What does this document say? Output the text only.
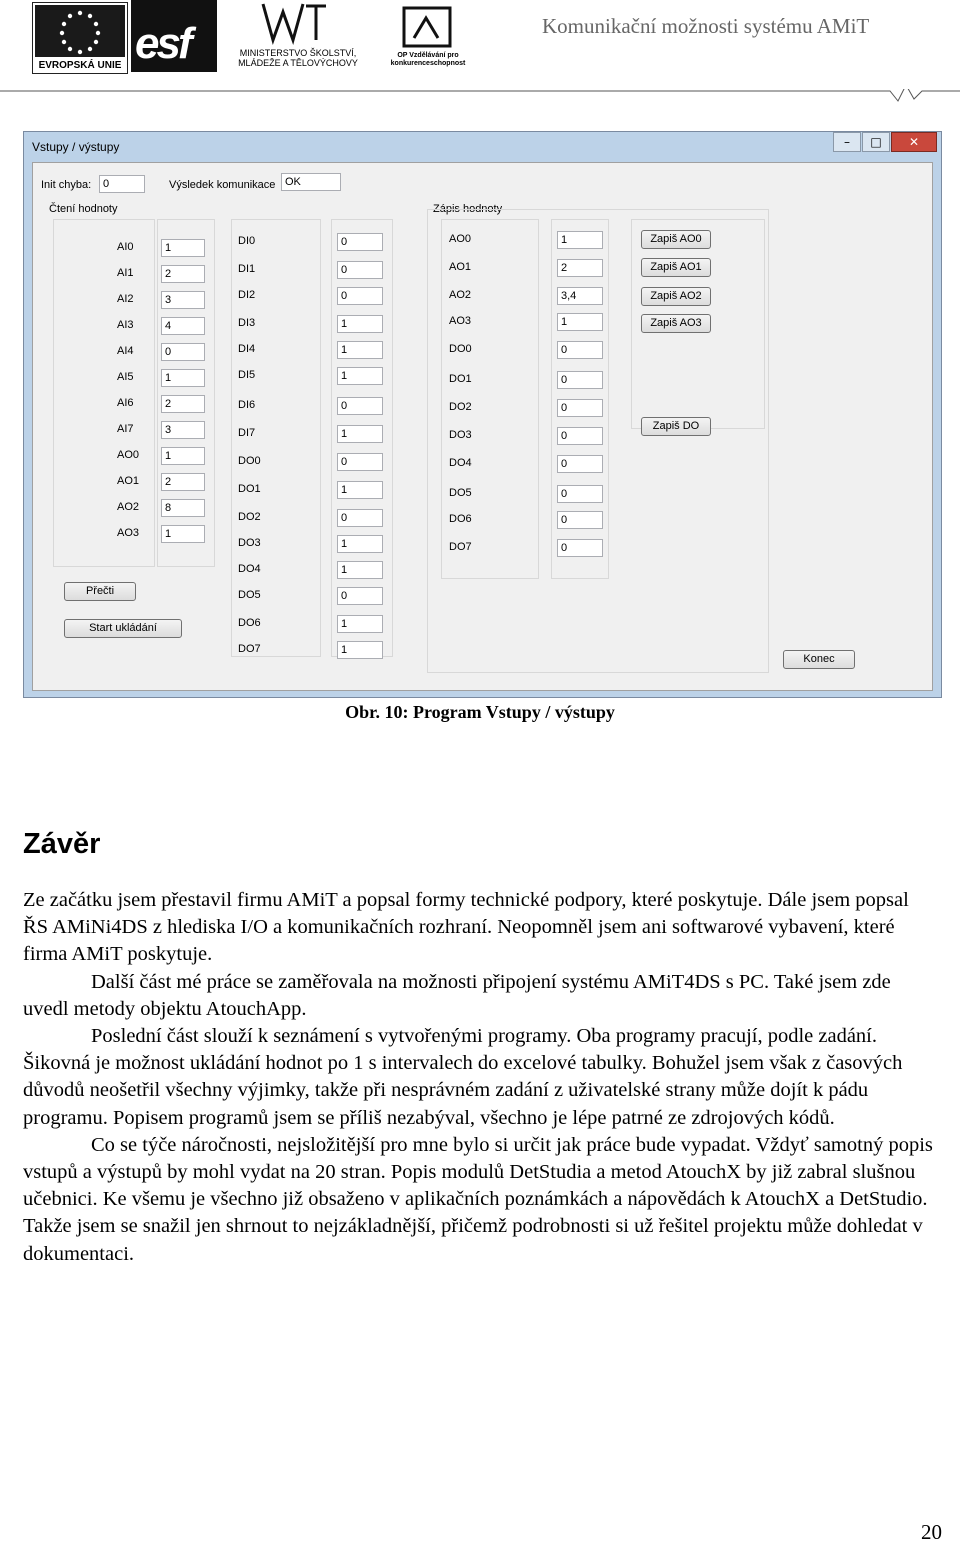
EVROPSKÁ UNIE esf	MINISTERSTVO ŠKOLSTVÍ, MLÁDEŽE A TĚLOVÝCHOVY
OP Vzdělávání pro konkurenceschopnost
Komunikační možnosti systému AMiT
Vstupy / výstupy	–	□	✕
Init chyba:	0	Výsledek komunikace OK
Čtení hodnoty	Zápis hodnoty
AI0	1
AI1	2
AI2	3
AI3	4
AI4	0
AI5	1
AI6	2
AI7	3
AO0	1
AO1	2
AO2	8
AO3	1
DI0	0
DI1	0
DI2	0
DI3	1
DI4	1
DI5	1
DI6	0
DI7	1
DO0	0
DO1	1
DO2	0
DO3	1
DO4	1
DO5	0
DO6	1
DO7	1
AO0	1
AO1	2
AO2	3,4
AO3	1
DO0	0
DO1	0
DO2	0
DO3	0
DO4	0
DO5	0
DO6	0
DO7	0
Zapiš AO0
Zapiš AO1
Zapiš AO2
Zapiš AO3
Zapiš DO
Přečti
Start ukládání
Konec
Obr. 10: Program Vstupy / výstupy
Závěr

Ze začátku jsem přestavil firmu AMiT a popsal formy technické podpory, které poskytuje. Dále jsem popsal ŘS AMiNi4DS z hlediska I/O a komunikačních rozhraní. Neopomněl jsem ani softwarové vybavení, které firma AMiT poskytuje.

Další část mé práce se zaměřovala na možnosti připojení systému AMiT4DS s PC. Také jsem zde uvedl metody objektu AtouchApp.

Poslední část slouží k seznámení s vytvořenými programy. Oba programy pracují, podle zadání. Šikovná je možnost ukládání hodnot po 1 s intervalech do excelové tabulky. Bohužel jsem však z časových důvodů neošetřil všechny výjimky, takže při nesprávném zadání z uživatelské strany může dojít k pádu programu. Popisem programů jsem se příliš nezabýval, všechno je lépe patrné ze zdrojových kódů.

Co se týče náročnosti, nejsložitější pro mne bylo si určit jak práce bude vypadat. Vždyť samotný popis vstupů a výstupů by mohl vydat na 20 stran. Popis modulů DetStudia a metod AtouchX by již zabral slušnou učebnici. Ke všemu je všechno již obsaženo v aplikačních poznámkách a nápovědách k AtouchX a DetStudio. Takže jsem se snažil jen shrnout to nejzákladnější, přičemž podrobnosti si už řešitel projektu může dohledat v dokumentaci.

20
